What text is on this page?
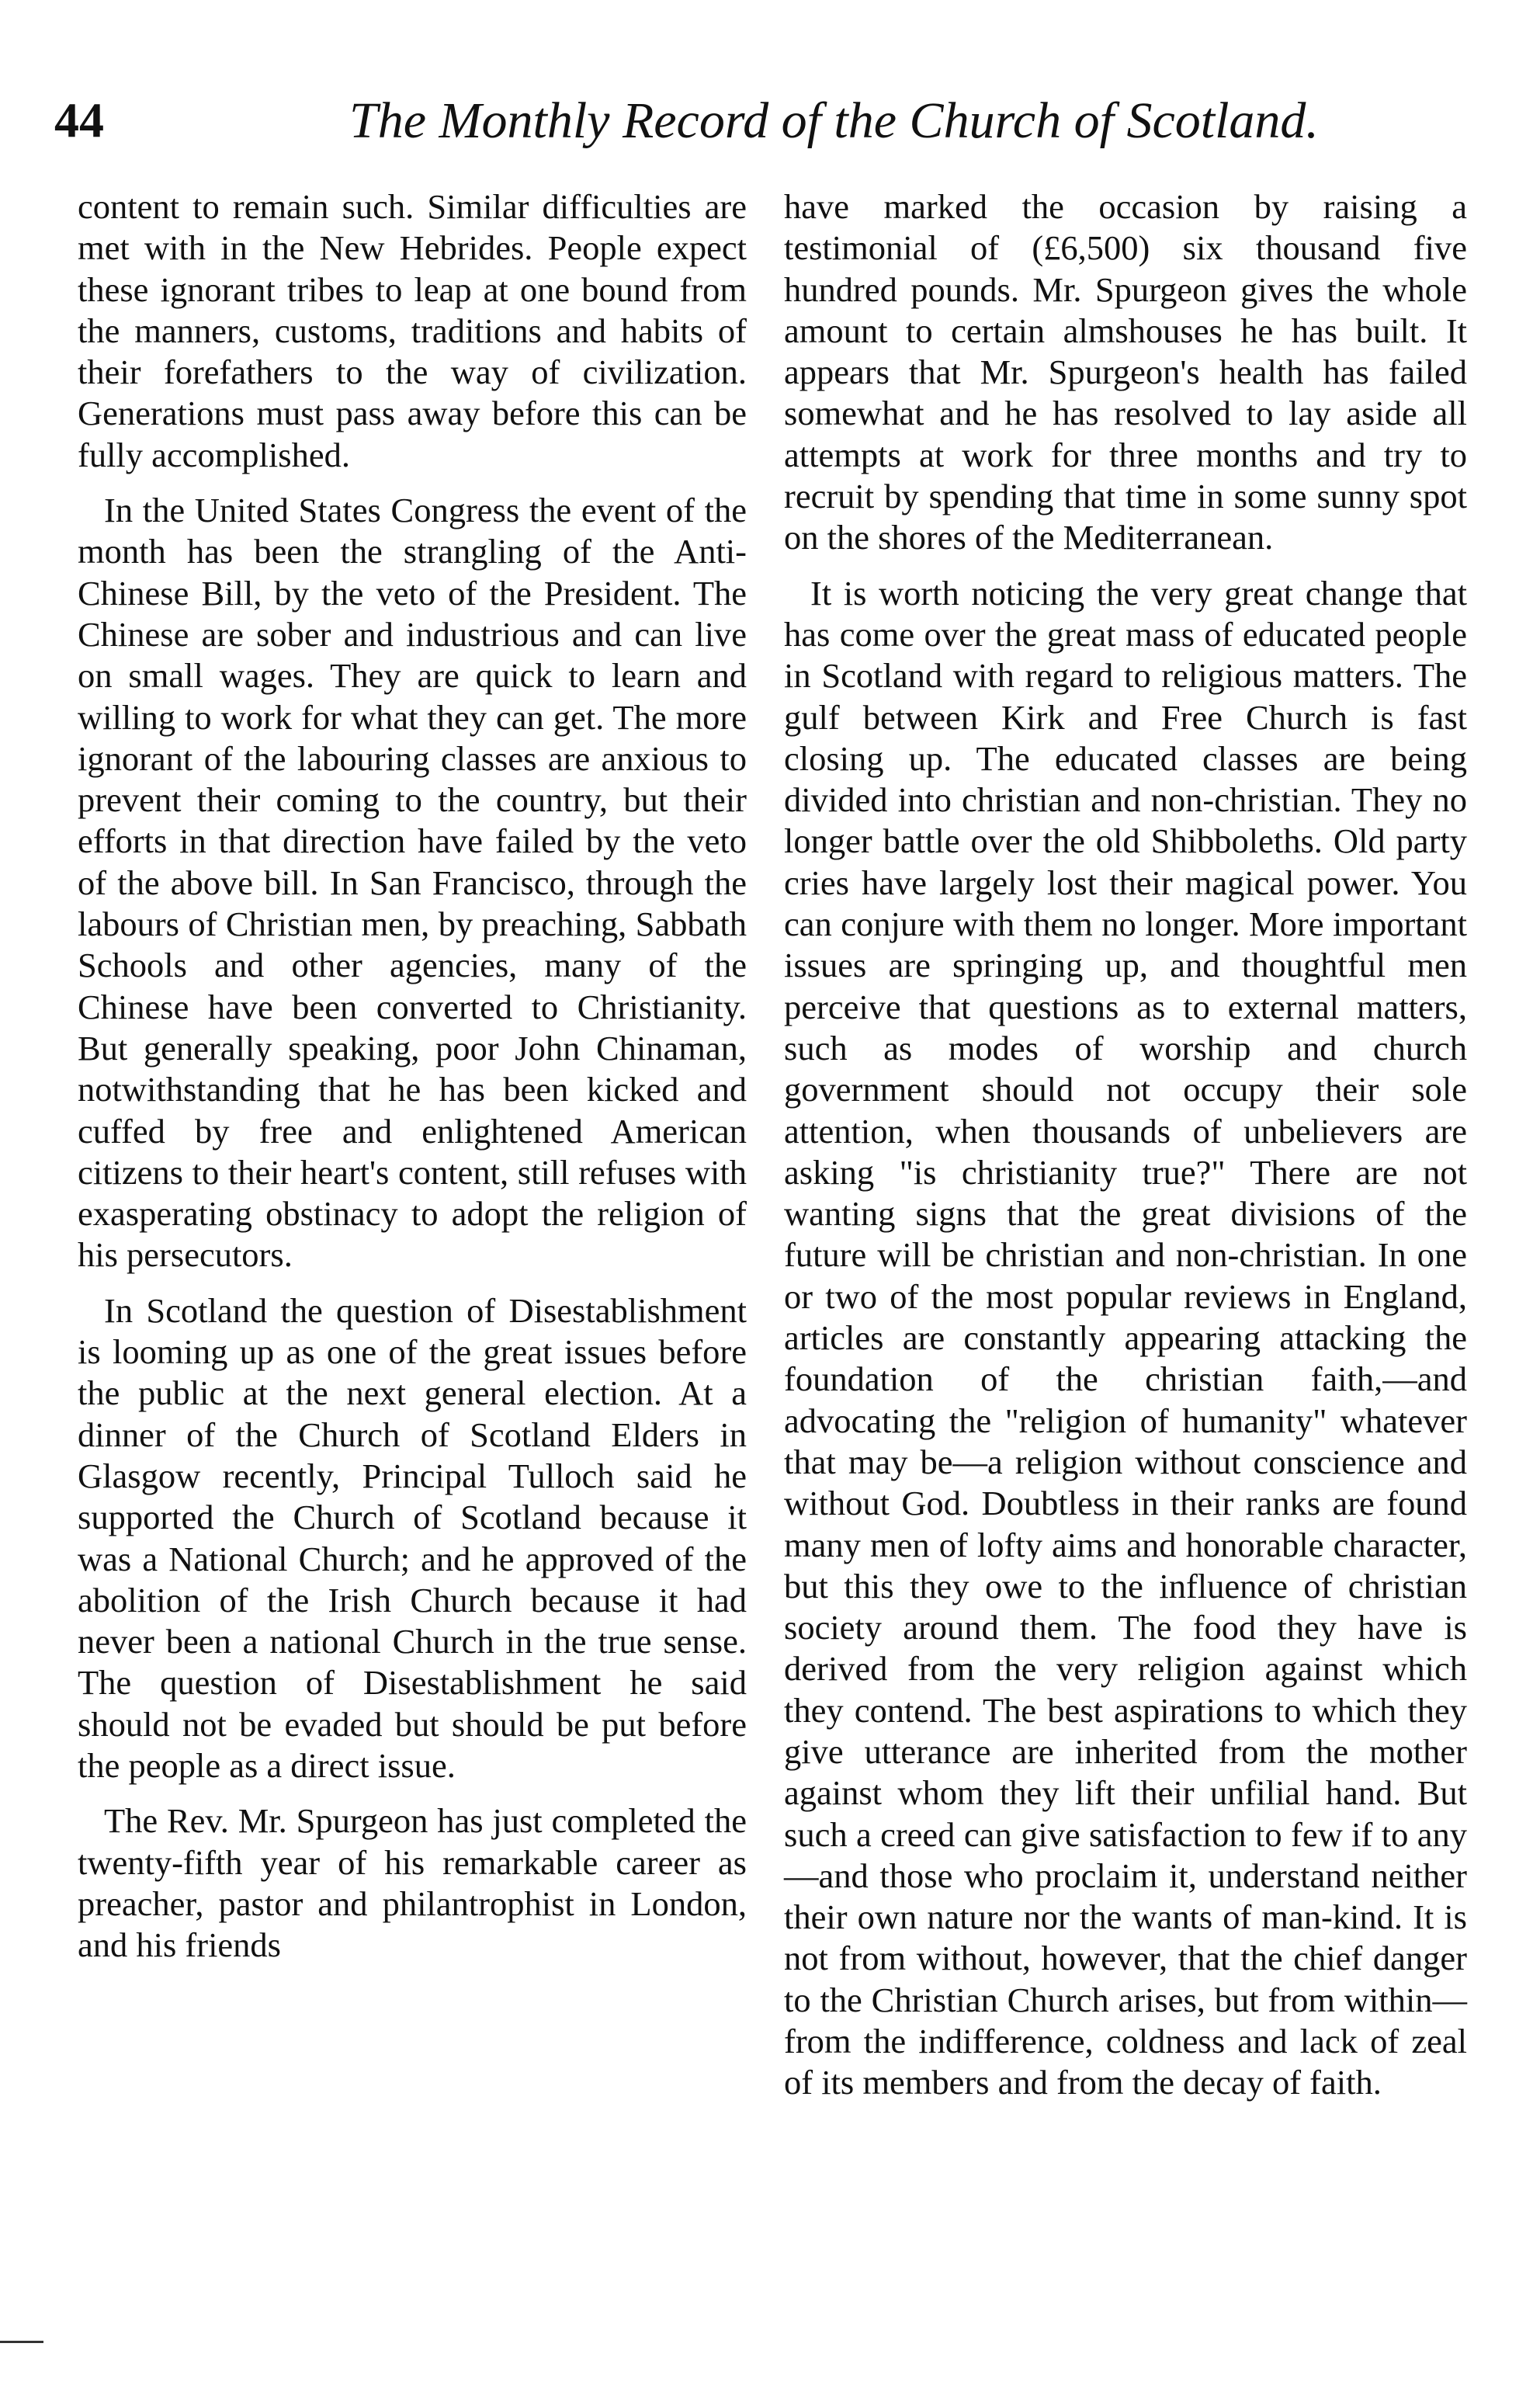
44	The Monthly Record of the Church of Scotland.

content to remain such. Similar difficulties are met with in the New Hebrides. People expect these ignorant tribes to leap at one bound from the manners, customs, traditions and habits of their forefathers to the way of civilization. Generations must pass away before this can be fully accomplished.

In the United States Congress the event of the month has been the strangling of the Anti-Chinese Bill, by the veto of the President. The Chinese are sober and industrious and can live on small wages. They are quick to learn and willing to work for what they can get. The more ignorant of the labouring classes are anxious to prevent their coming to the country, but their efforts in that direction have failed by the veto of the above bill. In San Francisco, through the labours of Christian men, by preaching, Sabbath Schools and other agencies, many of the Chinese have been converted to Christianity. But generally speaking, poor John Chinaman, notwithstanding that he has been kicked and cuffed by free and enlightened American citizens to their heart's content, still refuses with exasperating obstinacy to adopt the religion of his persecutors.

In Scotland the question of Disestablishment is looming up as one of the great issues before the public at the next general election. At a dinner of the Church of Scotland Elders in Glasgow recently, Principal Tulloch said he supported the Church of Scotland because it was a National Church; and he approved of the abolition of the Irish Church because it had never been a national Church in the true sense. The question of Disestablishment he said should not be evaded but should be put before the people as a direct issue.

The Rev. Mr. Spurgeon has just completed the twenty-fifth year of his remarkable career as preacher, pastor and philantrophist in London, and his friends

have marked the occasion by raising a testimonial of (£6,500) six thousand five hundred pounds. Mr. Spurgeon gives the whole amount to certain almshouses he has built. It appears that Mr. Spurgeon's health has failed somewhat and he has resolved to lay aside all attempts at work for three months and try to recruit by spending that time in some sunny spot on the shores of the Mediterranean.

It is worth noticing the very great change that has come over the great mass of educated people in Scotland with regard to religious matters. The gulf between Kirk and Free Church is fast closing up. The educated classes are being divided into christian and non-christian. They no longer battle over the old Shibboleths. Old party cries have largely lost their magical power. You can conjure with them no longer. More important issues are springing up, and thoughtful men perceive that questions as to external matters, such as modes of worship and church government should not occupy their sole attention, when thousands of unbelievers are asking "is christianity true?" There are not wanting signs that the great divisions of the future will be christian and non-christian. In one or two of the most popular reviews in England, articles are constantly appearing attacking the foundation of the christian faith,—and advocating the "religion of humanity" whatever that may be—a religion without conscience and without God. Doubtless in their ranks are found many men of lofty aims and honorable character, but this they owe to the influence of christian society around them. The food they have is derived from the very religion against which they contend. The best aspirations to which they give utterance are inherited from the mother against whom they lift their unfilial hand. But such a creed can give satisfaction to few if to any—and those who proclaim it, understand neither their own nature nor the wants of man-kind. It is not from without, however, that the chief danger to the Christian Church arises, but from within—from the indifference, coldness and lack of zeal of its members and from the decay of faith.
